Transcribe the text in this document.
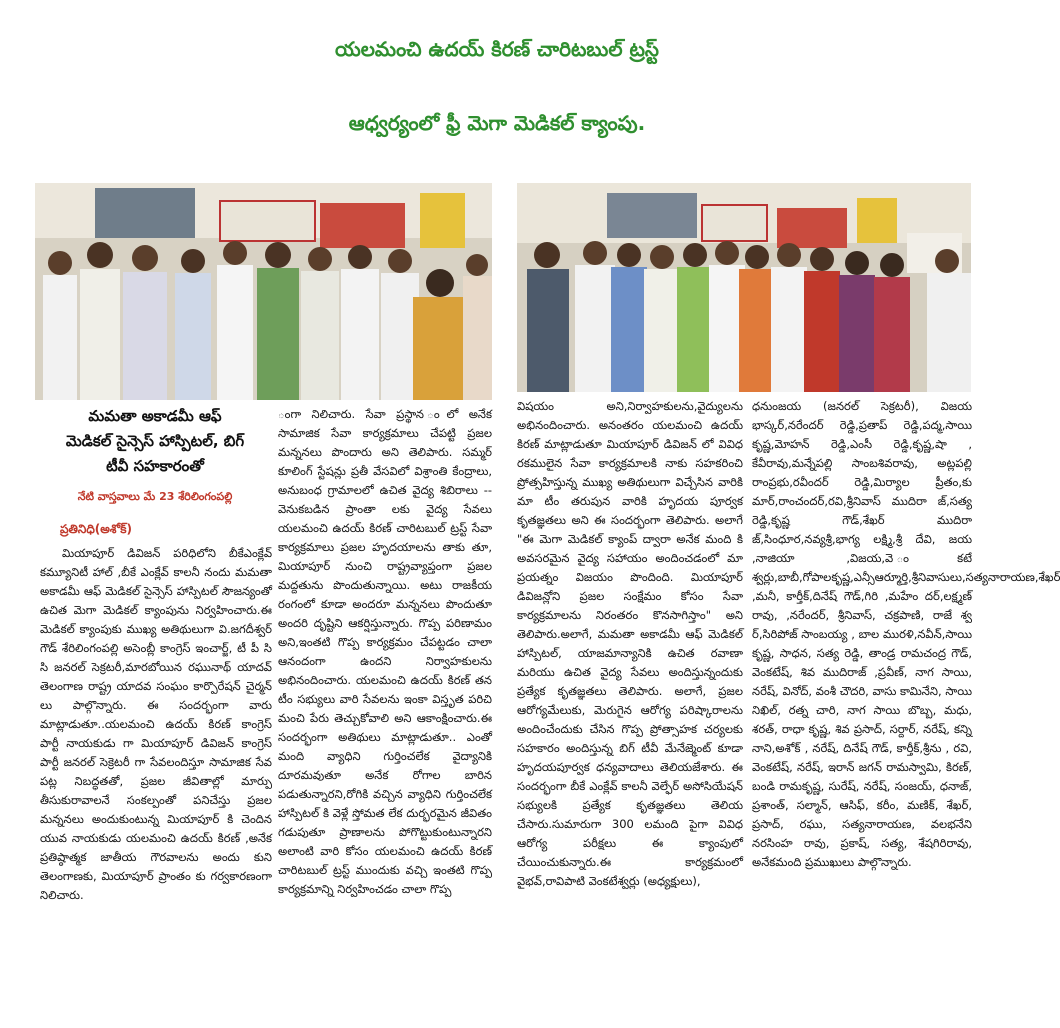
యలమంచి ఉదయ్ కిరణ్ చారిటబుల్ ట్రస్ట్
ఆధ్వర్యంలో ఫ్రీ మెగా మెడికల్ క్యాంపు.
మమతా అకాడమీ ఆఫ్
మెడికల్ సైన్సెస్ హాస్పిటల్, బిగ్
టీవీ సహకారంతో
నేటి వాస్తవాలు మే 23 శేరిలింగంపల్లి
ప్రతినిధి(అశోక్)
మియాపూర్ డివిజన్ పరిధిలోని బీకేఎంక్లేవ్ కమ్యూనిటీ హాల్ ,బీకే ఎంక్లేవ్ కాలనీ నందు మమతా అకాడమీ ఆఫ్ మెడికల్ సైన్సెస్ హాస్పిటల్ సౌజన్యంతో ఉచిత మెగా మెడికల్ క్యాంపును నిర్వహించారు.ఈ మెడికల్ క్యాంపుకు ముఖ్య అతిథులుగా వి.జగదీశ్వర్ గౌడ్ శేరిలింగంపల్లి అసెంబ్లీ కాంగ్రెస్ ఇంచార్జ్, టీ పీ సి సి జనరల్ సెక్రటరీ,మారబోయిన రఘునాథ్ యాదవ్ తెలంగాణ రాష్ట్ర యాదవ సంఘం కార్పొరేషన్ చైర్మన్ లు పాల్గొన్నారు. ఈ సందర్భంగా వారు మాట్లాడుతూ..యలమంచి ఉదయ్ కిరణ్ కాంగ్రెస్ పార్టీ నాయకుడు గా మియాపూర్ డివిజన్ కాంగ్రెస్ పార్టీ జనరల్ సెక్రెటరీ గా సేవలందిస్తూ సామాజిక సేవ పట్ల నిబద్ధతతో, ప్రజల జీవితాల్లో మార్పు తీసుకురావాలనే సంకల్పంతో పనిచేస్తు ప్రజల మన్ననలు అందుకుంటున్న మియాపూర్ కి చెందిన యువ నాయకుడు యలమంచి ఉదయ్ కిరణ్ ,అనేక ప్రతిష్ఠాత్మక జాతీయ గౌరవాలను అందు కుని తెలంగాణకు, మియాపూర్ ప్రాంతం కు గర్వకారణంగా నిలిచారు.
ంగా నిలిచారు. సేవా ప్రస్థాన ంలో అనేక సామాజిక సేవా కార్యక్రమాలు చేపట్టి ప్రజల మన్ననలు పొందారు అని తెలిపారు. సమ్మర్ కూలింగ్ స్టేషన్లు ప్రతీ వేసవిలో విశ్రాంతి కేంద్రాలు, అనుబంధ గ్రామాలలో ఉచిత వైద్య శిబిరాలు -- వెనుకబడిన ప్రాంతా లకు వైద్య సేవలు యలమంచి ఉదయ్ కిరణ్ చారిటబుల్ ట్రస్ట్ సేవా కార్యక్రమాలు ప్రజల హృదయాలను తాకు తూ, మియాపూర్ నుంచి రాష్ట్రవ్యాప్తంగా ప్రజల మద్దతును పొందుతున్నాయి. అటు రాజకీయ రంగంలో కూడా అందరూ మన్ననలు పొందుతూ అందరి దృష్టిని ఆకర్షిస్తున్నారు. గొప్ప పరిణామం అని,ఇంతటి గొప్ప కార్యక్రమం చేపట్టడం చాలా ఆనందంగా ఉందని నిర్వాహకులను అభినందించారు. యలమంచి ఉదయ్ కిరణ్ తన టీం సభ్యులు వారి సేవలను ఇంకా విస్తృత పరిచి మంచి పేరు తెచ్చుకోవాలి అని ఆకాంక్షించారు.ఈ సందర్భంగా అతిథులు మాట్లాడుతూ.. ఎంతో మంది వ్యాధిని గుర్తించలేక వైద్యానికి దూరమవుతూ అనేక రోగాల బారిన పడుతున్నారని,రోగికి వచ్చిన వ్యాధిని గుర్తించలేక హాస్పిటల్ కి వెళ్లే స్తోమత లేక దుర్భరమైన జీవితం గడుపుతూ ప్రాణాలను పోగొట్టుకుంటున్నారని అలాంటి వారి కోసం యలమంచి ఉదయ్ కిరణ్ చారిటబుల్ ట్రస్ట్ ముందుకు వచ్చి ఇంతటి గొప్ప కార్యక్రమాన్ని నిర్వహించడం చాలా గొప్ప
విషయం అని,నిర్వాహకులను,వైద్యులను అభినందించారు. అనంతరం యలమంచి ఉదయ్ కిరణ్ మాట్లాడుతూ మియాపూర్ డివిజన్ లో వివిధ రకములైన సేవా కార్యక్రమాలకి నాకు సహకరించి ప్రోత్సహిస్తున్న ముఖ్య అతిథులుగా విచ్చేసిన వారికి మా టీం తరుపున వారికి హృదయ పూర్వక కృతజ్ఞతలు అని ఈ సందర్భంగా తెలిపారు. అలాగే "ఈ మెగా మెడికల్ క్యాంప్ ద్వారా అనేక మంది కి అవసరమైన వైద్య సహాయం అందించడంలో మా ప్రయత్నం విజయం పొందింది. మియాపూర్ డివిజన్లోని ప్రజల సంక్షేమం కోసం సేవా కార్యక్రమాలను నిరంతరం కొనసాగిస్తాం" అని తెలిపారు.అలాగే, మమతా అకాడమీ ఆఫ్ మెడికల్ హాస్పిటల్, యాజమాన్యానికి ఉచిత రవాణా మరియు ఉచిత వైద్య సేవలు అందిస్తున్నందుకు ప్రత్యేక కృతజ్ఞతలు తెలిపారు. అలాగే, ప్రజల ఆరోగ్యమేలుకు, మెరుగైన ఆరోగ్య పరిష్కారాలను అందించేందుకు చేసిన గొప్ప ప్రోత్సాహక చర్యలకు సహకారం అందిస్తున్న బిగ్ టీవీ మేనేజ్మెంట్ కూడా హృదయపూర్వక ధన్యవాదాలు తెలియజేశారు. ఈ సందర్భంగా బీకే ఎంక్లేవ్ కాలనీ వెల్ఫేర్ అసోసియేషన్ సభ్యులకి ప్రత్యేక కృతజ్ఞతలు తెలియ చేసారు.సుమారుగా 300 లమంది పైగా వివిధ ఆరోగ్య పరీక్షలు ఈ క్యాంపులో చేయించుకున్నారు.ఈ కార్యక్రమంలో వైభవ్,రావిపాటి వెంకటేశ్వర్లు (అధ్యక్షులు),
ధనుంజయ (జనరల్ సెక్రటరీ), విజయ భాస్కర్,నరేందర్ రెడ్డి,ప్రతాప్ రెడ్డి,పద్మ,సాయి కృష్ణ,మోహన్ రెడ్డి,ఎంసీ రెడ్డి,కృష్ణ,షా , కేవీరావు,మన్నేపల్లి సాంబశివరావు, అట్లపల్లి రాంప్రభు,రవీందర్ రెడ్డి,మిర్యాల ప్రీతం,కు మార్,రాంచందర్,రవి,శ్రీనివాస్ ముదిరా జ్,సత్య రెడ్డి,కృష్ణ గౌడ్,శేఖర్ ముదిరా జ్,సింధూర,నవ్యశ్రీ,భాగ్య లక్ష్మి,శ్రీ దేవి, జయ ,నాజియా ,విజయ,వె ంకటే శ్వర్లు,బాబీ,గోపాలకృష్ణ,ఎన్సీఆర్మూర్తి,శ్రీనివాసులు,సత్యనారాయణ,శేఖర్ ,మనీ, కార్తీక్,దినేష్ గౌడ్,గిరి ,మహేం దర్,లక్ష్మణ్ రావు, ,నరేందర్, శ్రీనివాస్, చక్రపాణి, రాజే శ్వ ర్,సిరిపోజ్ సాంబయ్య , బాల మురళి,నవీన్,సాయి కృష్ణ, సాధన, సత్య రెడ్డి, తాండ్ర రామచంద్ర గౌడ్, వెంకటేష్, శివ ముదిరాజ్ ,ప్రవీణ్, నాగ సాయి, నరేష్, వినోద్, వంశీ చౌదరి, వాసు కామినేని, సాయి నిఖిల్, రత్న చారి, నాగ సాయి బొబ్బ, మధు, శరత్, రాధా కృష్ణ, శివ ప్రసాద్, సర్దార్, నరేష్, కన్ని నాని,అశోక్ , నరేష్, దినేష్ గౌడ్, కార్తీక్,శ్రీను , రవి, వెంకటేష్, నరేష్, ఇరాన్ జగన్ రామస్వామి, కిరణ్, బండి రామకృష్ణ, సురేష్, నరేష్, సంజయ్, ధనాజ్, ప్రశాంత్, సల్మాన్, ఆసిఫ్, కరీం, మణిక్, శేఖర్, ప్రసాద్, రఘు, సత్యనారాయణ, వలభనేని నరసింహ రావు, ప్రకాష్, సత్య, శేషగిరిరావు, అనేకమంది ప్రముఖులు పాల్గొన్నారు.
